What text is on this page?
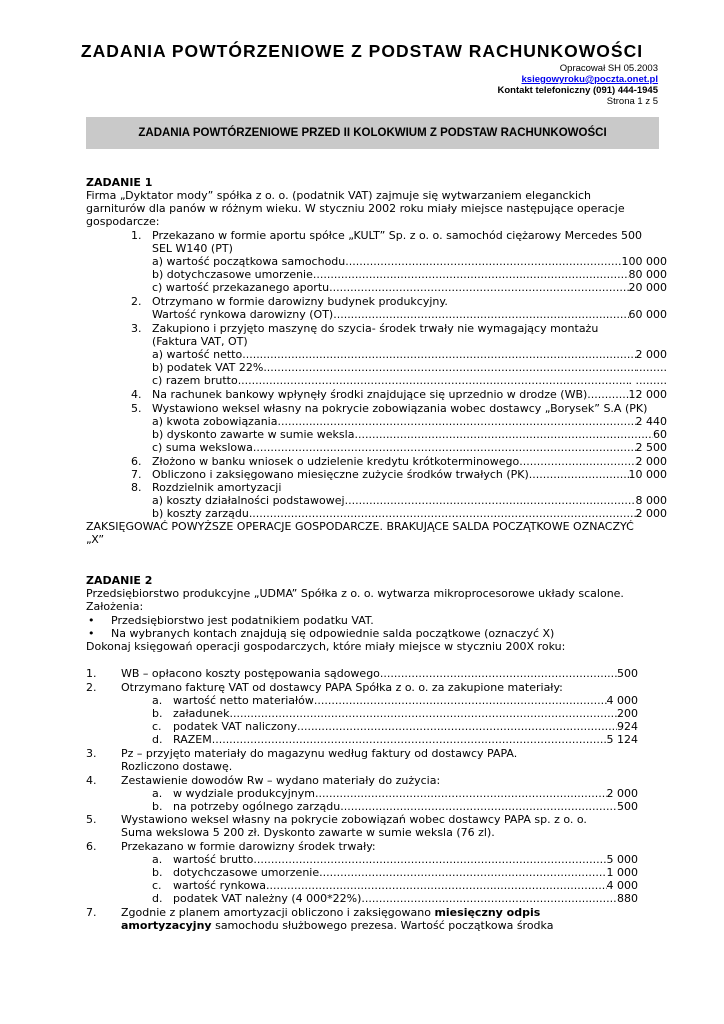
ZADANIA POWTÓRZENIOWE Z PODSTAW RACHUNKOWOŚCI
Opracował SH 05.2003
ksiegowyroku@poczta.onet.pl
Kontakt telefoniczny (091) 444-1945
Strona 1 z 5
ZADANIA POWTÓRZENIOWE PRZED II KOLOKWIUM Z PODSTAW RACHUNKOWOŚCI
ZADANIE 1
Firma „Dyktator mody” spółka z o. o. (podatnik VAT) zajmuje się wytwarzaniem eleganckich
garniturów dla panów w różnym wieku. W styczniu 2002 roku miały miejsce następujące operacje
gospodarcze:
1. Przekazano w formie aportu spółce „KULT” Sp. z o. o. samochód ciężarowy Mercedes 500
SEL W140 (PT)
a) wartość początkowa samochodu .....	100 000
b) dotychczasowe umorzenie .....	80 000
c) wartość przekazanego aportu .....	20 000
2. Otrzymano w formie darowizny budynek produkcyjny.
Wartość rynkowa darowizny (OT) .....	60 000
3. Zakupiono i przyjęto maszynę do szycia- środek trwały nie wymagający montażu
(Faktura VAT, OT)
a) wartość netto .....	2 000
b) podatek VAT 22% .....	.........
c) razem brutto .....	. .........
4. Na rachunek bankowy wpłynęły środki znajdujące się uprzednio w drodze (WB) .....	12 000
5. Wystawiono weksel własny na pokrycie zobowiązania wobec dostawcy „Borysek” S.A (PK)
a) kwota zobowiązania .....	2 440
b) dyskonto zawarte w sumie weksla .....	60
c) suma wekslowa .....	2 500
6. Złożono w banku wniosek o udzielenie kredytu krótkoterminowego .....	2 000
7. Obliczono i zaksięgowano miesięczne zużycie środków trwałych (PK) .....	10 000
8. Rozdzielnik amortyzacji
a) koszty działalności podstawowej .....	8 000
b) koszty zarządu .....	2 000
ZAKSIĘGOWAĆ POWYŻSZE OPERACJE GOSPODARCZE. BRAKUJĄCE SALDA POCZĄTKOWE OZNACZYĆ
„X”
ZADANIE 2
Przedsiębiorstwo produkcyjne „UDMA” Spółka z o. o. wytwarza mikroprocesorowe układy scalone.
Założenia:
• Przedsiębiorstwo jest podatnikiem podatku VAT.
• Na wybranych kontach znajdują się odpowiednie salda początkowe (oznaczyć X)
Dokonaj księgowań operacji gospodarczych, które miały miejsce w styczniu 200X roku:
1. WB – opłacono koszty postępowania sądowego .....	500
2. Otrzymano fakturę VAT od dostawcy PAPA Spółka z o. o. za zakupione materiały:
a. wartość netto materiałów .....	4 000
b. załadunek .....	200
c. podatek VAT naliczony .....	924
d. RAZEM .....	5 124
3. Pz – przyjęto materiały do magazynu według faktury od dostawcy PAPA.
Rozliczono dostawę.
4. Zestawienie dowodów Rw – wydano materiały do zużycia:
a. w wydziale produkcyjnym .....	2 000
b. na potrzeby ogólnego zarządu .....	500
5. Wystawiono weksel własny na pokrycie zobowiązań wobec dostawcy PAPA sp. z o. o.
Suma wekslowa 5 200 zł. Dyskonto zawarte w sumie weksla (76 zl).
6. Przekazano w formie darowizny środek trwały:
a. wartość brutto .....	5 000
b. dotychczasowe umorzenie .....	1 000
c. wartość rynkowa .....	4 000
d. podatek VAT należny (4 000*22%) .....	880
7. Zgodnie z planem amortyzacji obliczono i zaksięgowano miesięczny odpis
amortyzacyjny samochodu służbowego prezesa. Wartość początkowa środka
